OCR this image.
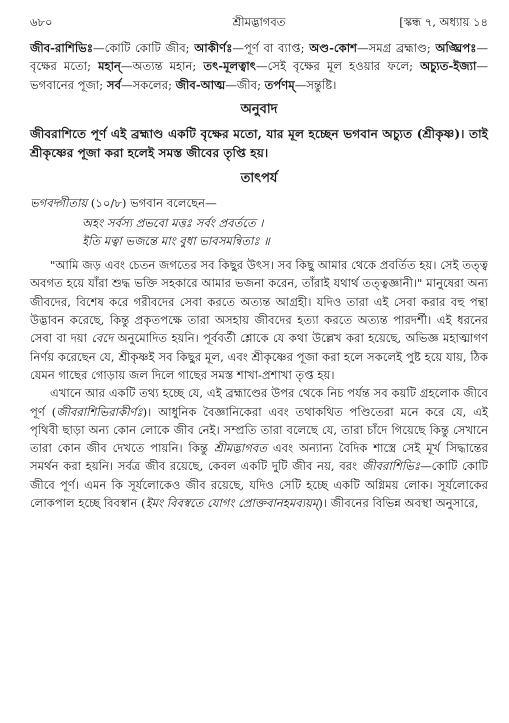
৬৮০	শ্রীমদ্ভাগবত	[স্কন্ধ ৭, অধ্যায় ১৪

জীব-রাশিভিঃ—কোটি কোটি জীব; আকীর্ণঃ—পূর্ণ বা ব্যাপ্ত; অণ্ড-কোশ—সমগ্র ব্রহ্মাণ্ড; অঙ্ঘ্রিপঃ—বৃক্ষের মতো; মহান্—অত্যন্ত মহান; তৎ-মূলত্বাৎ—সেই বৃক্ষের মূল হওয়ার ফলে; অচ্যুত-ইজ্যা—ভগবানের পূজা; সর্ব—সকলের; জীব-আত্ম—জীব; তর্পণম্—সন্তুষ্টি।

অনুবাদ

জীবরাশিতে পূর্ণ এই ব্রহ্মাণ্ড একটি বৃক্ষের মতো, যার মূল হচ্ছেন ভগবান অচ্যুত (শ্রীকৃষ্ণ)। তাই শ্রীকৃষ্ণের পূজা করা হলেই সমস্ত জীবের তৃপ্তি হয়।

তাৎপর্য

ভগবদ্গীতায় (১০/৮) ভগবান বলেছেন—

অহং সর্বস্য প্রভবো মত্তঃ সর্বং প্রবর্ততে ।
ইতি মত্বা ভজন্তে মাং বুধা ভাবসমন্বিতাঃ ॥

"আমি জড় এবং চেতন জগতের সব কিছুর উৎস। সব কিছু আমার থেকে প্রবর্তিত হয়। সেই তত্ত্ব অবগত হয়ে যাঁরা শুদ্ধ ভক্তি সহকারে আমার ভজনা করেন, তাঁরাই যথার্থ তত্ত্বজ্ঞানী।" মানুষেরা অন্য জীবদের, বিশেষ করে গরীবদের সেবা করতে অত্যন্ত আগ্রহী। যদিও তারা এই সেবা করার বহু পন্থা উদ্ভাবন করেছে, কিন্তু প্রকৃতপক্ষে তারা অসহায় জীবদের হত্যা করতে অত্যন্ত পারদর্শী। এই ধরনের সেবা বা দয়া বেদে অনুমোদিত হয়নি। পূর্ববর্তী শ্লোকে যে কথা উল্লেখ করা হয়েছে, অভিজ্ঞ মহাত্মাগণ নির্ণয় করেছেন যে, শ্রীকৃষ্ণই সব কিছুর মূল, এবং শ্রীকৃষ্ণের পূজা করা হলে সকলেই পুষ্ট হয়ে যায়, ঠিক যেমন গাছের গোড়ায় জল দিলে গাছের সমস্ত শাখা-প্রশাখা তৃপ্ত হয়।

এখানে আর একটি তথ্য হচ্ছে যে, এই ব্রহ্মাণ্ডের উপর থেকে নিচ পর্যন্ত সব কয়টি গ্রহলোক জীবে পূর্ণ (জীবরাশিভিরাকীর্ণঃ)। আধুনিক বৈজ্ঞানিকেরা এবং তথাকথিত পণ্ডিতেরা মনে করে যে, এই পৃথিবী ছাড়া অন্য কোন লোকে জীব নেই। সম্প্রতি তারা বলেছে যে, তারা চাঁদে গিয়েছে কিন্তু সেখানে তারা কোন জীব দেখতে পায়নি। কিন্তু শ্রীমদ্ভাগবত এবং অন্যান্য বৈদিক শাস্ত্রে সেই মূর্খ সিদ্ধান্তের সমর্থন করা হয়নি। সর্বত্র জীব রয়েছে, কেবল একটি দুটি জীব নয়, বরং জীবরাশিভিঃ—কোটি কোটি জীবে পূর্ণ। এমন কি সূর্যলোকেও জীব রয়েছে, যদিও সেটি হচ্ছে একটি অগ্নিময় লোক। সূর্যলোকের লোকপাল হচ্ছে বিবস্বান (ইমং বিবস্বতে যোগং প্রোক্তবানহমব্যয়ম্)। জীবনের বিভিন্ন অবস্থা অনুসারে,
